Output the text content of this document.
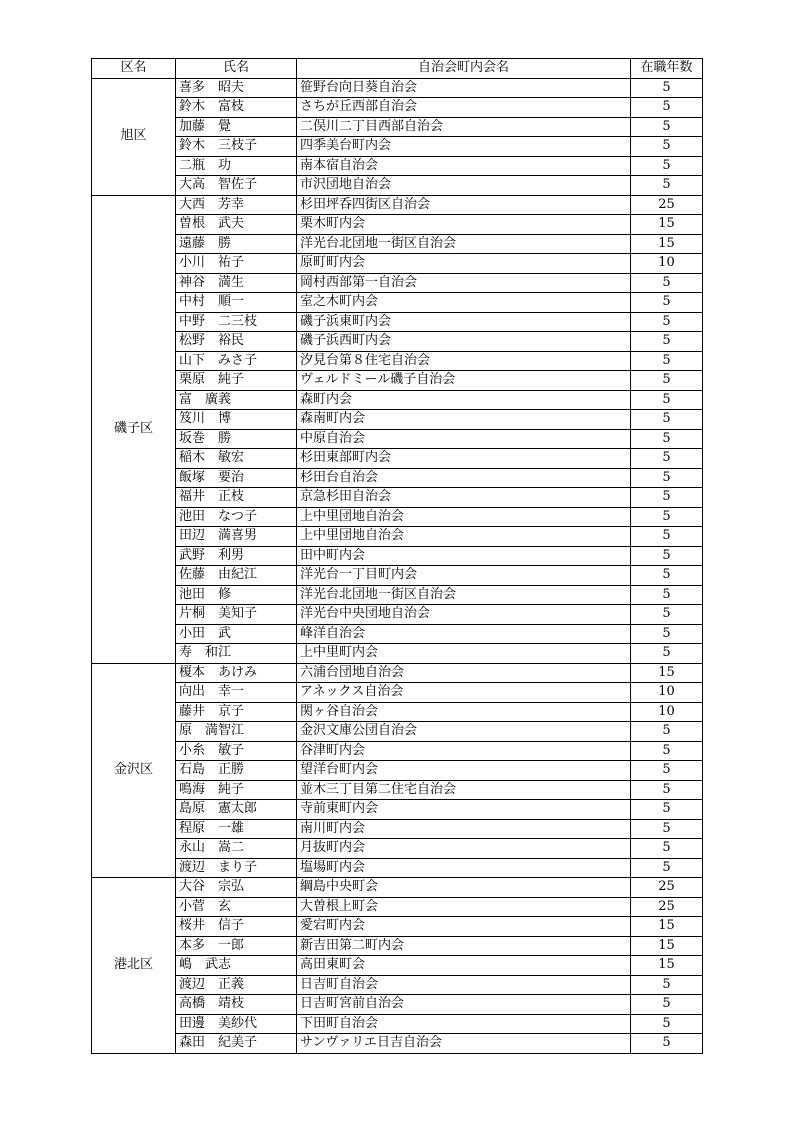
区名	氏名	自治会町内会名	在職年数
旭区	喜多　昭夫	笹野台向日葵自治会	5
	鈴木　富枝	さちが丘西部自治会	5
	加藤　覺	二俣川二丁目西部自治会	5
	鈴木　三枝子	四季美台町内会	5
	二瓶　功	南本宿自治会	5
	大高　智佐子	市沢団地自治会	5
磯子区	大西　芳幸	杉田坪呑四街区自治会	25
	曽根　武夫	栗木町内会	15
	遠藤　勝	洋光台北団地一街区自治会	15
	小川　祐子	原町町内会	10
	神谷　満生	岡村西部第一自治会	5
	中村　順一	室之木町内会	5
	中野　二三枝	磯子浜東町内会	5
	松野　裕民	磯子浜西町内会	5
	山下　みさ子	汐見台第８住宅自治会	5
	栗原　純子	ヴェルドミール磯子自治会	5
	富　廣義	森町内会	5
	笈川　博	森南町内会	5
	坂巻　勝	中原自治会	5
	稲木　敏宏	杉田東部町内会	5
	飯塚　要治	杉田台自治会	5
	福井　正枝	京急杉田自治会	5
	池田　なつ子	上中里団地自治会	5
	田辺　満喜男	上中里団地自治会	5
	武野　利男	田中町内会	5
	佐藤　由紀江	洋光台一丁目町内会	5
	池田　修	洋光台北団地一街区自治会	5
	片桐　美知子	洋光台中央団地自治会	5
	小田　武	峰洋自治会	5
	寿　和江	上中里町内会	5
金沢区	榎本　あけみ	六浦台団地自治会	15
	向出　幸一	アネックス自治会	10
	藤井　京子	関ヶ谷自治会	10
	原　満智江	金沢文庫公団自治会	5
	小糸　敏子	谷津町内会	5
	石島　正勝	望洋台町内会	5
	鳴海　純子	並木三丁目第二住宅自治会	5
	島原　憲太郎	寺前東町内会	5
	程原　一雄	南川町内会	5
	永山　嵩二	月抜町内会	5
	渡辺　まり子	塩場町内会	5
港北区	大谷　宗弘	綱島中央町会	25
	小菅　玄	大曽根上町会	25
	桜井　信子	愛宕町内会	15
	本多　一郎	新吉田第二町内会	15
	嶋　武志	高田東町会	15
	渡辺　正義	日吉町自治会	5
	高橋　靖枝	日吉町宮前自治会	5
	田邊　美紗代	下田町自治会	5
	森田　紀美子	サンヴァリエ日吉自治会	5
